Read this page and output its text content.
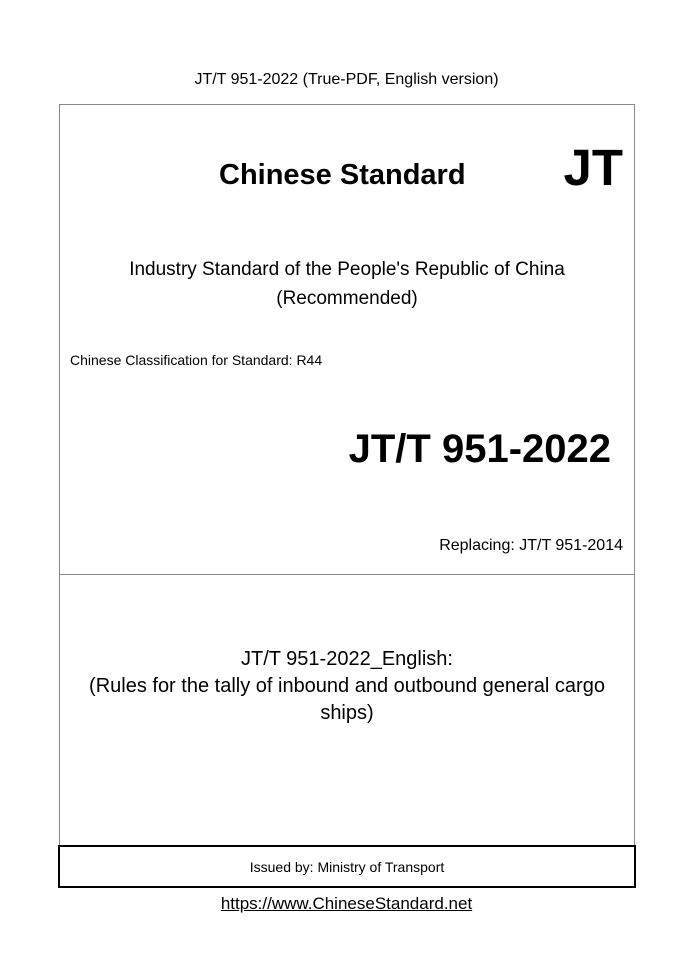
JT/T 951-2022 (True-PDF, English version)
Chinese Standard JT
Industry Standard of the People's Republic of China
(Recommended)
Chinese Classification for Standard: R44
JT/T 951-2022
Replacing: JT/T 951-2014
JT/T 951-2022_English:
(Rules for the tally of inbound and outbound general cargo
ships)
Issued by: Ministry of Transport
https://www.ChineseStandard.net
